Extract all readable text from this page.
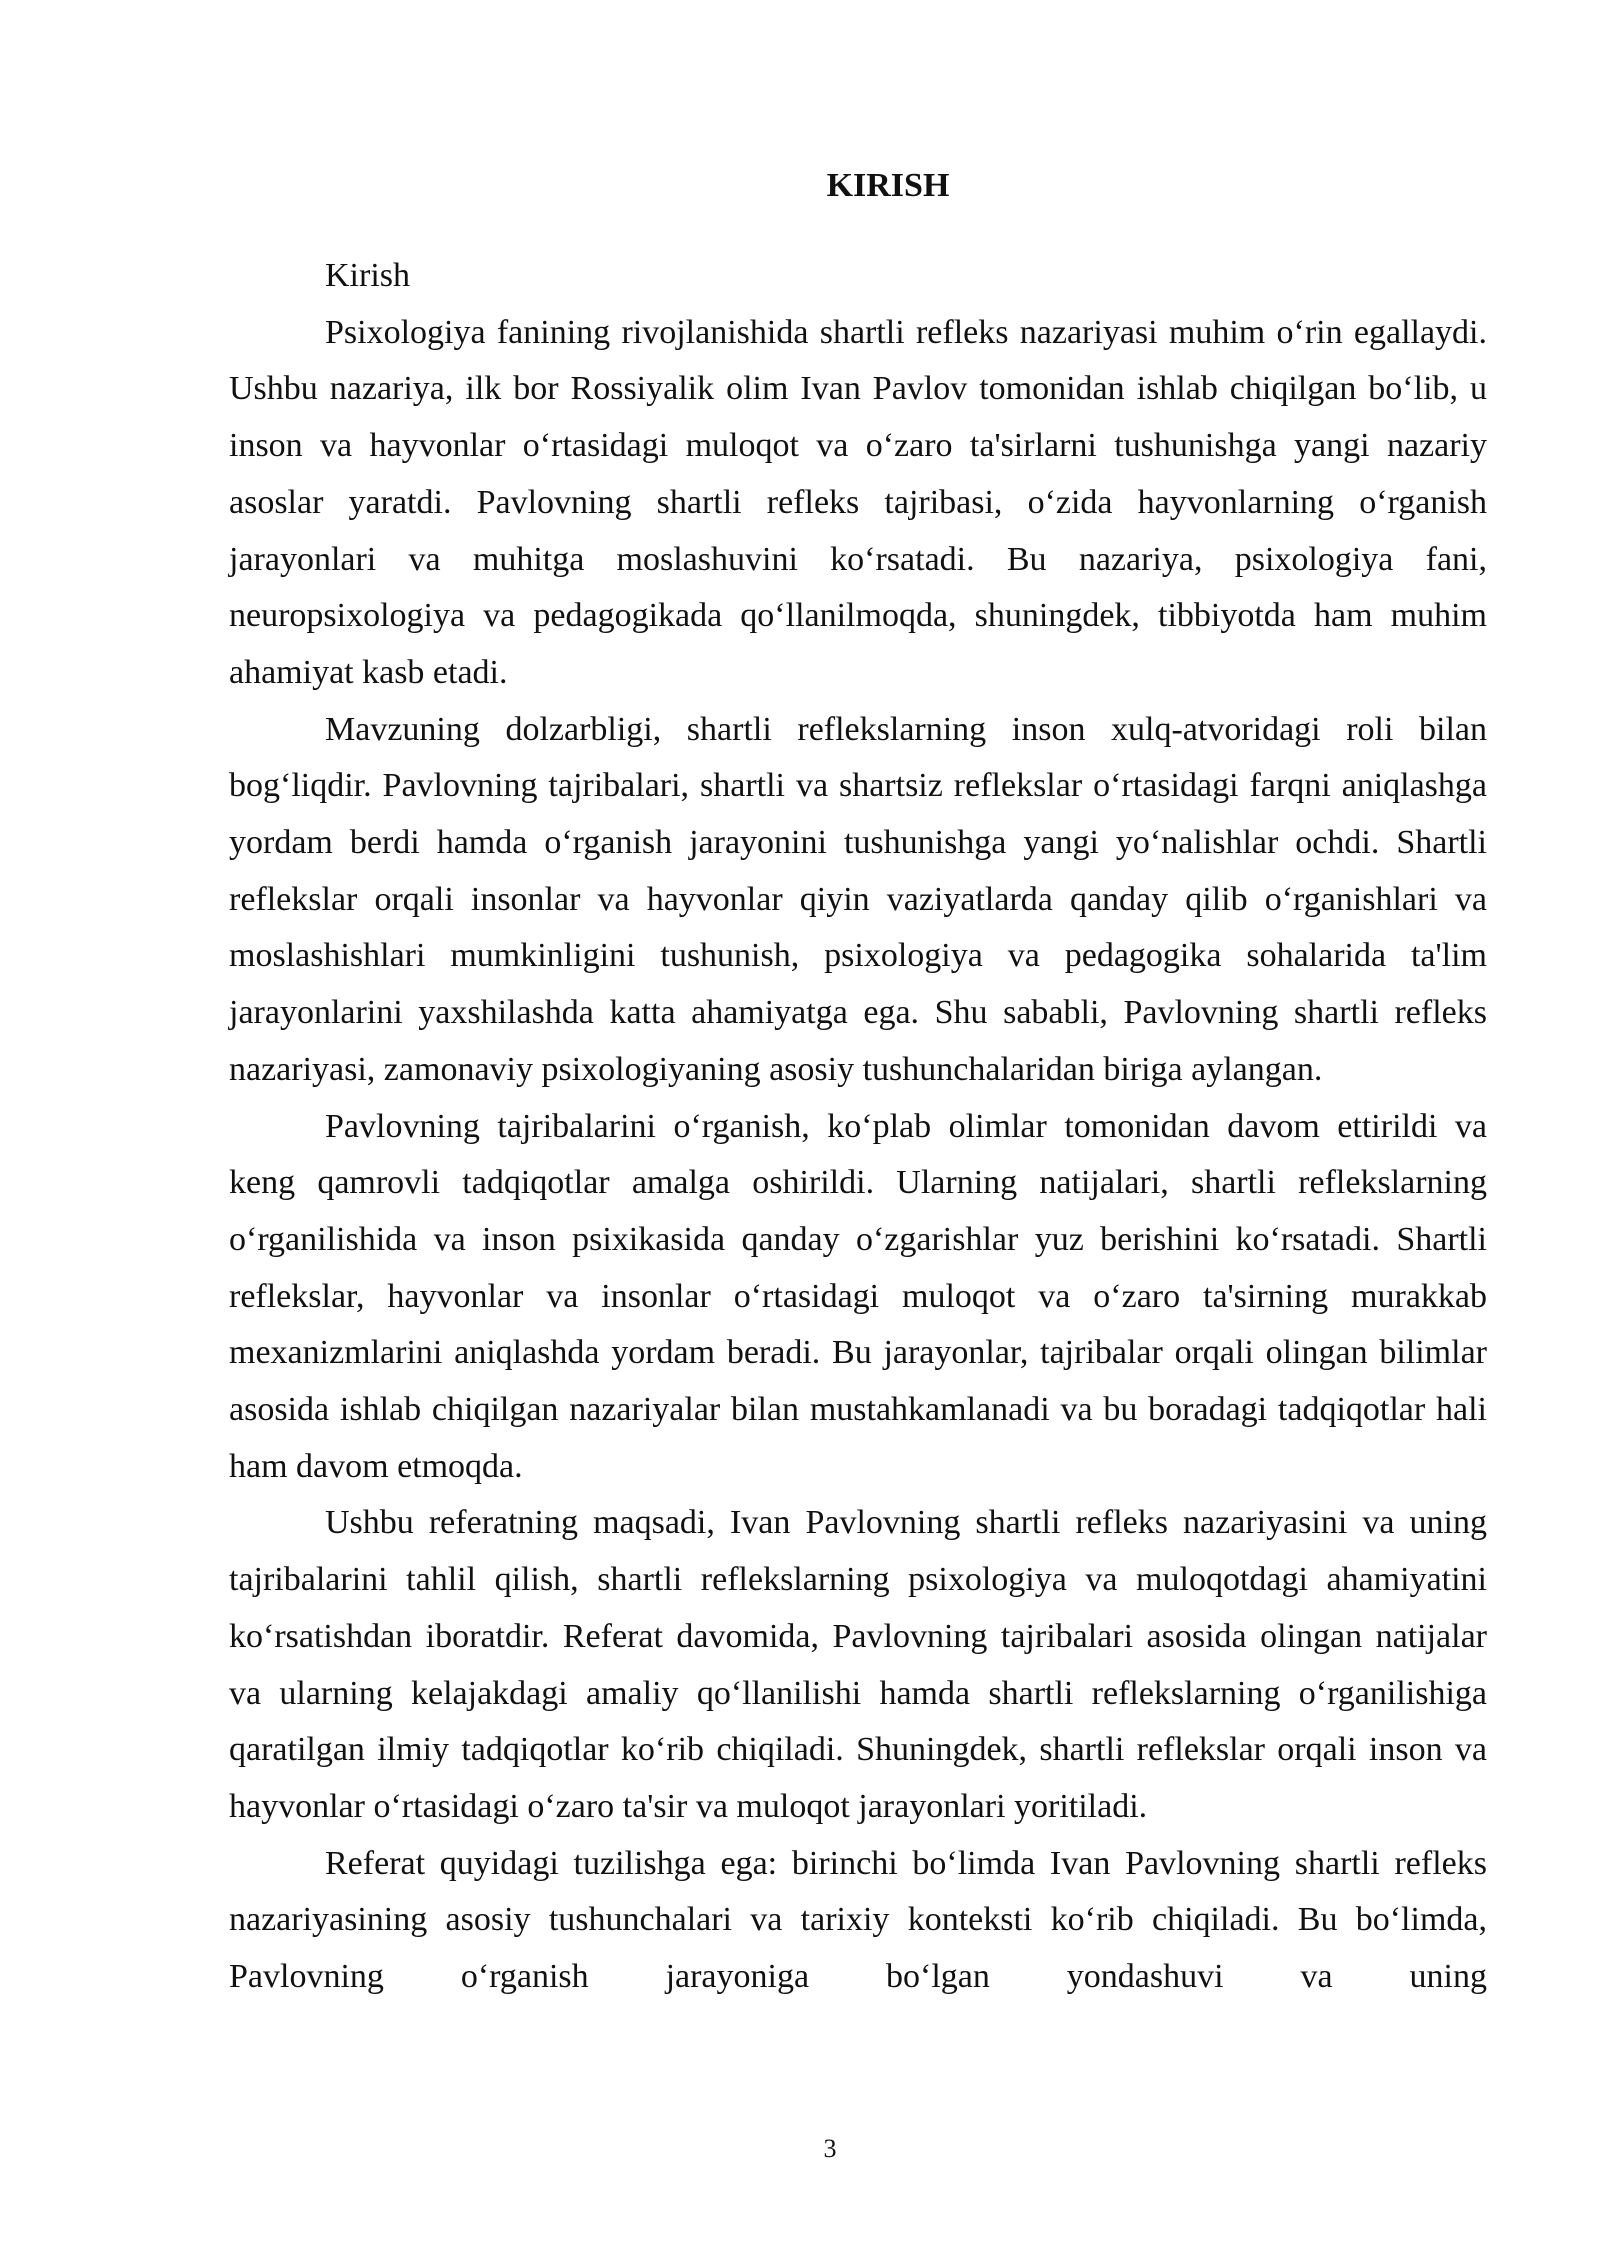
KIRISH

Kirish

Psixologiya fanining rivojlanishida shartli refleks nazariyasi muhim o‘rin egallaydi. Ushbu nazariya, ilk bor Rossiyalik olim Ivan Pavlov tomonidan ishlab chiqilgan bo‘lib, u inson va hayvonlar o‘rtasidagi muloqot va o‘zaro ta'sirlarni tushunishga yangi nazariy asoslar yaratdi. Pavlovning shartli refleks tajribasi, o‘zida hayvonlarning o‘rganish jarayonlari va muhitga moslashuvini ko‘rsatadi. Bu nazariya, psixologiya fani, neuropsixologiya va pedagogikada qo‘llanilmoqda, shuningdek, tibbiyotda ham muhim ahamiyat kasb etadi.

Mavzuning dolzarbligi, shartli reflekslarning inson xulq-atvoridagi roli bilan bog‘liqdir. Pavlovning tajribalari, shartli va shartsiz reflekslar o‘rtasidagi farqni aniqlashga yordam berdi hamda o‘rganish jarayonini tushunishga yangi yo‘nalishlar ochdi. Shartli reflekslar orqali insonlar va hayvonlar qiyin vaziyatlarda qanday qilib o‘rganishlari va moslashishlari mumkinligini tushunish, psixologiya va pedagogika sohalarida ta'lim jarayonlarini yaxshilashda katta ahamiyatga ega. Shu sababli, Pavlovning shartli refleks nazariyasi, zamonaviy psixologiyaning asosiy tushunchalaridan biriga aylangan.

Pavlovning tajribalarini o‘rganish, ko‘plab olimlar tomonidan davom ettirildi va keng qamrovli tadqiqotlar amalga oshirildi. Ularning natijalari, shartli reflekslarning o‘rganilishida va inson psixikasida qanday o‘zgarishlar yuz berishini ko‘rsatadi. Shartli reflekslar, hayvonlar va insonlar o‘rtasidagi muloqot va o‘zaro ta'sirning murakkab mexanizmlarini aniqlashda yordam beradi. Bu jarayonlar, tajribalar orqali olingan bilimlar asosida ishlab chiqilgan nazariyalar bilan mustahkamlanadi va bu boradagi tadqiqotlar hali ham davom etmoqda.

Ushbu referatning maqsadi, Ivan Pavlovning shartli refleks nazariyasini va uning tajribalarini tahlil qilish, shartli reflekslarning psixologiya va muloqotdagi ahamiyatini ko‘rsatishdan iboratdir. Referat davomida, Pavlovning tajribalari asosida olingan natijalar va ularning kelajakdagi amaliy qo‘llanilishi hamda shartli reflekslarning o‘rganilishiga qaratilgan ilmiy tadqiqotlar ko‘rib chiqiladi. Shuningdek, shartli reflekslar orqali inson va hayvonlar o‘rtasidagi o‘zaro ta'sir va muloqot jarayonlari yoritiladi.

Referat quyidagi tuzilishga ega: birinchi bo‘limda Ivan Pavlovning shartli refleks nazariyasining asosiy tushunchalari va tarixiy konteksti ko‘rib chiqiladi. Bu bo‘limda, Pavlovning o‘rganish jarayoniga bo‘lgan yondashuvi va uning

3
